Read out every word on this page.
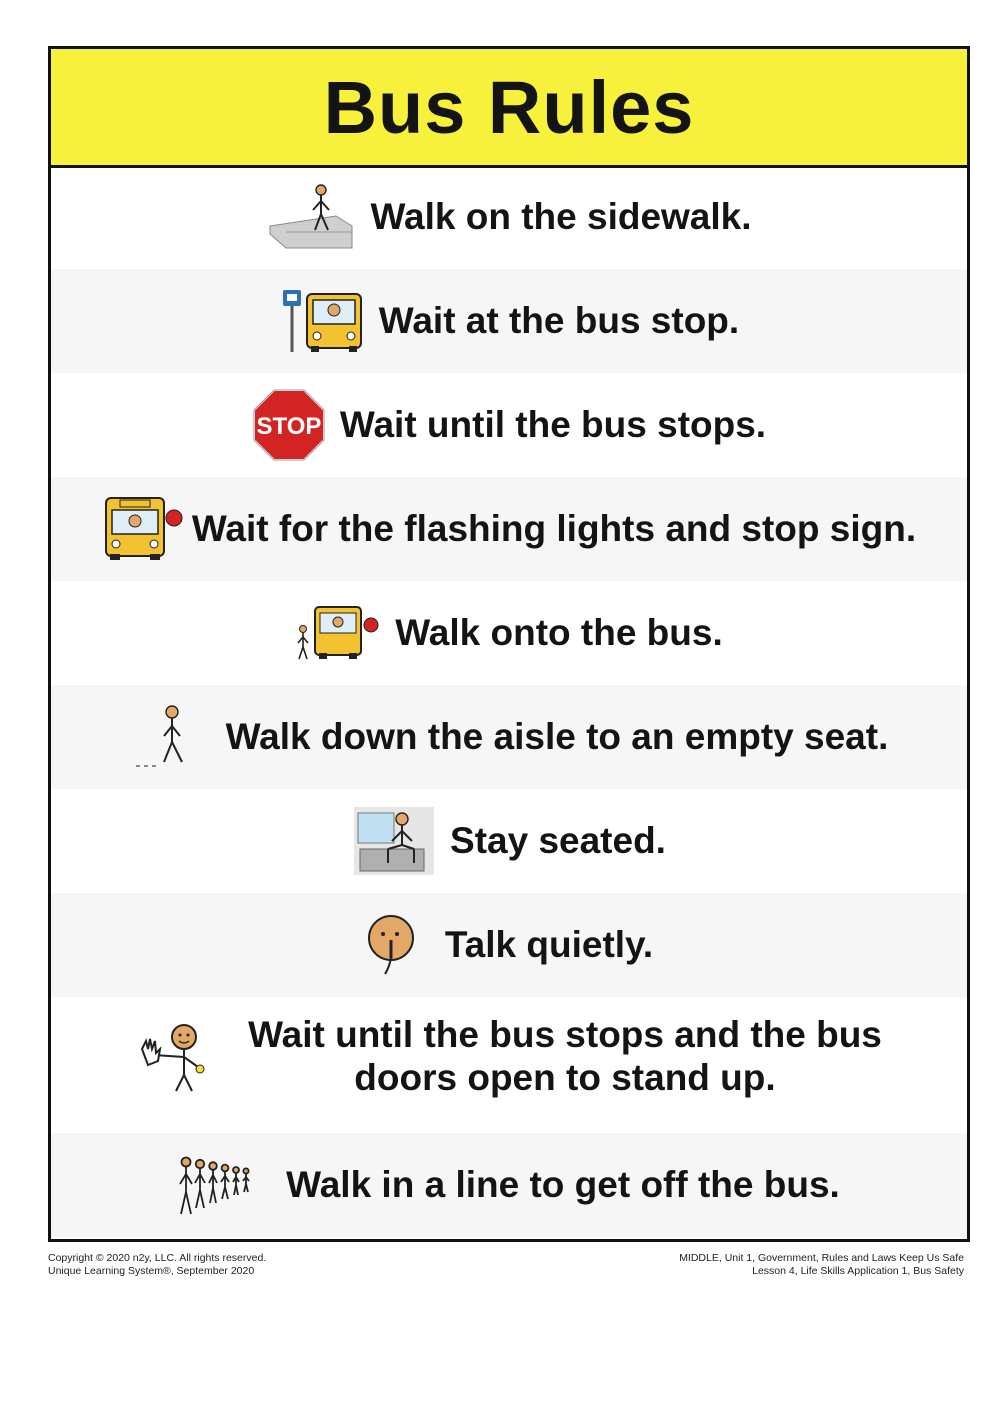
Bus Rules
Walk on the sidewalk.
Wait at the bus stop.
STOP Wait until the bus stops.
Wait for the flashing lights and stop sign.
Walk onto the bus.
Walk down the aisle to an empty seat.
Stay seated.
Talk quietly.
Wait until the bus stops and the bus
doors open to stand up.
Walk in a line to get off the bus.
Copyright © 2020 n2y, LLC. All rights reserved.
Unique Learning System®, September 2020
MIDDLE, Unit 1, Government, Rules and Laws Keep Us Safe
Lesson 4, Life Skills Application 1, Bus Safety
